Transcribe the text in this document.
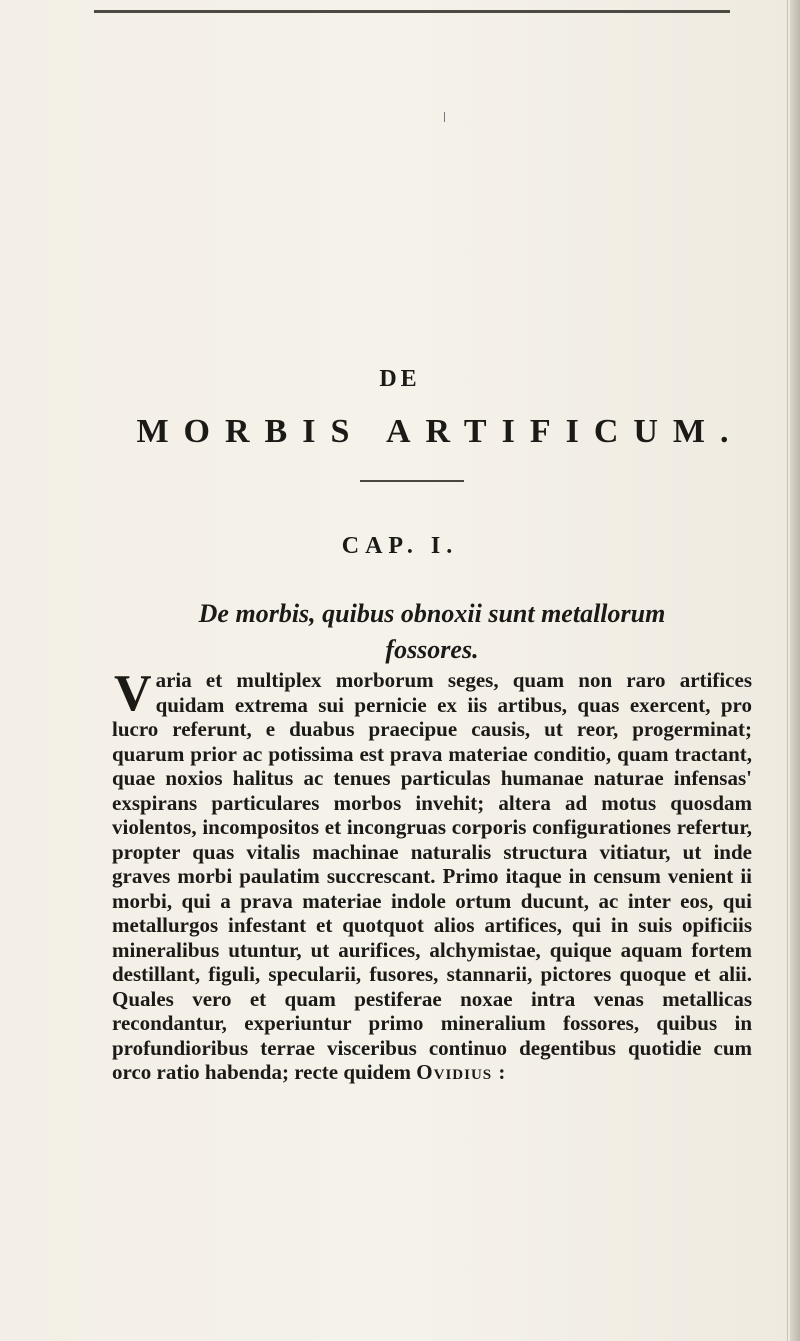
DE
MORBIS ARTIFICUM.
CAP. I.
De morbis, quibus obnoxii sunt metallorum
fossores.
V aria et multiplex morborum seges, quam non raro artifices quidam extrema sui pernicie ex iis artibus, quas exercent, pro lucro referunt, e duabus praecipue causis, ut reor, progerminat; quarum prior ac potissima est prava materiae conditio, quam tractant, quae noxios halitus ac tenues particulas humanae naturae infensas' exspirans particulares morbos invehit; altera ad motus quosdam violentos, incompositos et incongruas corporis configurationes refertur, propter quas vitalis machinae naturalis structura vitiatur, ut inde graves morbi paulatim succrescant. Primo itaque in censum venient ii morbi, qui a prava materiae indole ortum ducunt, ac inter eos, qui metallurgos infestant et quotquot alios artifices, qui in suis opificiis mineralibus utuntur, ut aurifices, alchymistae, quique aquam fortem destillant, figuli, specularii, fusores, stannarii, pictores quoque et alii. Quales vero et quam pestiferae noxae intra venas metallicas recondantur, experiuntur primo mineralium fossores, quibus in profundioribus terrae visceribus continuo degentibus quotidie cum orco ratio habenda; recte quidem Ovidius :
